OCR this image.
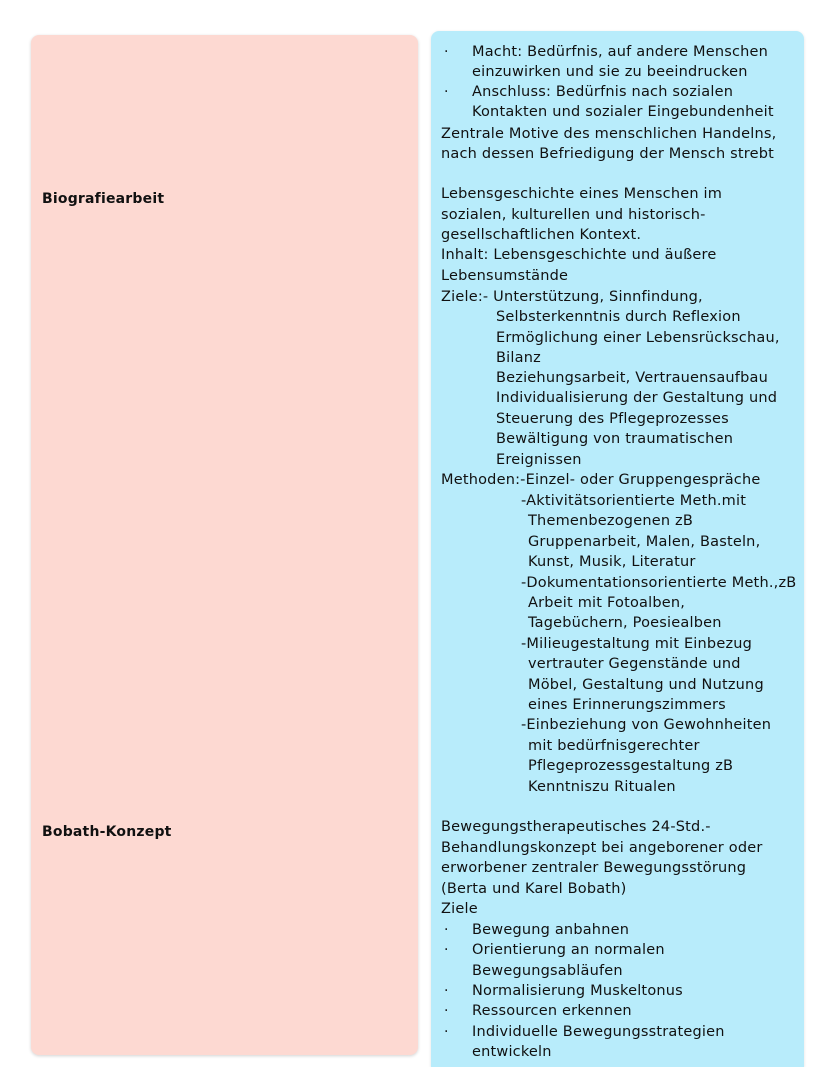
Biografiearbeit
Bobath-Konzept
· Macht: Bedürfnis, auf andere Menschen
einzuwirken und sie zu beeindrucken
· Anschluss: Bedürfnis nach sozialen
Kontakten und sozialer Eingebundenheit
Zentrale Motive des menschlichen Handelns,
nach dessen Befriedigung der Mensch strebt
Lebensgeschichte eines Menschen im
sozialen, kulturellen und historisch-
gesellschaftlichen Kontext.
Inhalt: Lebensgeschichte und äußere
Lebensumstände
Ziele:- Unterstützung, Sinnfindung,
Selbsterkenntnis durch Reflexion
Ermöglichung einer Lebensrückschau,
Bilanz
Beziehungsarbeit, Vertrauensaufbau
Individualisierung der Gestaltung und
Steuerung des Pflegeprozesses
Bewältigung von traumatischen
Ereignissen
Methoden:-Einzel- oder Gruppengespräche
-Aktivitätsorientierte Meth.mit
Themenbezogenen zB
Gruppenarbeit, Malen, Basteln,
Kunst, Musik, Literatur
-Dokumentationsorientierte Meth.,zB
Arbeit mit Fotoalben,
Tagebüchern, Poesiealben
-Milieugestaltung mit Einbezug
vertrauter Gegenstände und
Möbel, Gestaltung und Nutzung
eines Erinnerungszimmers
-Einbeziehung von Gewohnheiten
mit bedürfnisgerechter
Pflegeprozessgestaltung zB
Kenntniszu Ritualen
Bewegungstherapeutisches 24-Std.-
Behandlungskonzept bei angeborener oder
erworbener zentraler Bewegungsstörung
(Berta und Karel Bobath)
Ziele
· Bewegung anbahnen
· Orientierung an normalen
Bewegungsabläufen
· Normalisierung Muskeltonus
· Ressourcen erkennen
· Individuelle Bewegungsstrategien
entwickeln
